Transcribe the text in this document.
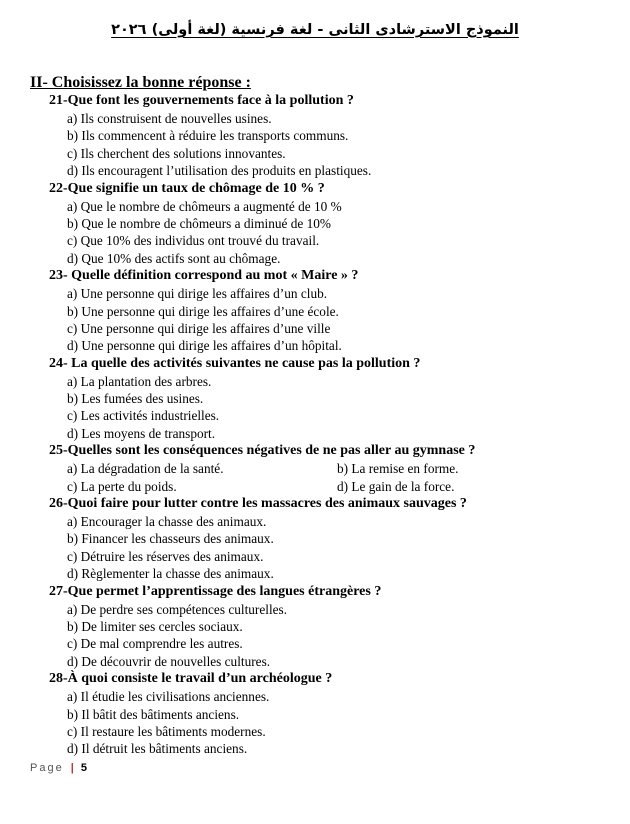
النموذج الاسترشادى الثانى - لغة فرنسية (لغة أولى) ٢٠٢٦
II- Choisissez la bonne réponse :
21-Que font les gouvernements face à la pollution ?
a) Ils construisent de nouvelles usines.
b) Ils commencent à réduire les transports communs.
c) Ils cherchent des solutions innovantes.
d) Ils encouragent l’utilisation des produits en plastiques.
22-Que signifie un taux de chômage de 10 % ?
a) Que le nombre de chômeurs a augmenté de 10 %
b) Que le nombre de chômeurs a diminué de 10%
c) Que 10% des individus ont trouvé du travail.
d) Que 10% des actifs sont au chômage.
23- Quelle définition correspond au mot « Maire » ?
a) Une personne qui dirige les affaires d’un club.
b) Une personne qui dirige les affaires d’une école.
c) Une personne qui dirige les affaires d’une ville
d) Une personne qui dirige les affaires d’un hôpital.
24- La quelle des activités suivantes ne cause pas la pollution ?
a) La plantation des arbres.
b) Les fumées des usines.
c) Les activités industrielles.
d) Les moyens de transport.
25-Quelles sont les conséquences négatives de ne pas aller au gymnase ?
a) La dégradation de la santé.	b) La remise en forme.
c) La perte du poids.	d) Le gain de la force.
26-Quoi faire pour lutter contre les massacres des animaux sauvages ?
a) Encourager la chasse des animaux.
b) Financer les chasseurs des animaux.
c) Détruire les réserves des animaux.
d) Règlementer la chasse des animaux.
27-Que permet l’apprentissage des langues étrangères ?
a) De perdre ses compétences culturelles.
b) De limiter ses cercles sociaux.
c) De mal comprendre les autres.
d) De découvrir de nouvelles cultures.
28-À quoi consiste le travail d’un archéologue ?
a) Il étudie les civilisations anciennes.
b) Il bâtit des bâtiments anciens.
c) Il restaure les bâtiments modernes.
d) Il détruit les bâtiments anciens.
Page | 5
